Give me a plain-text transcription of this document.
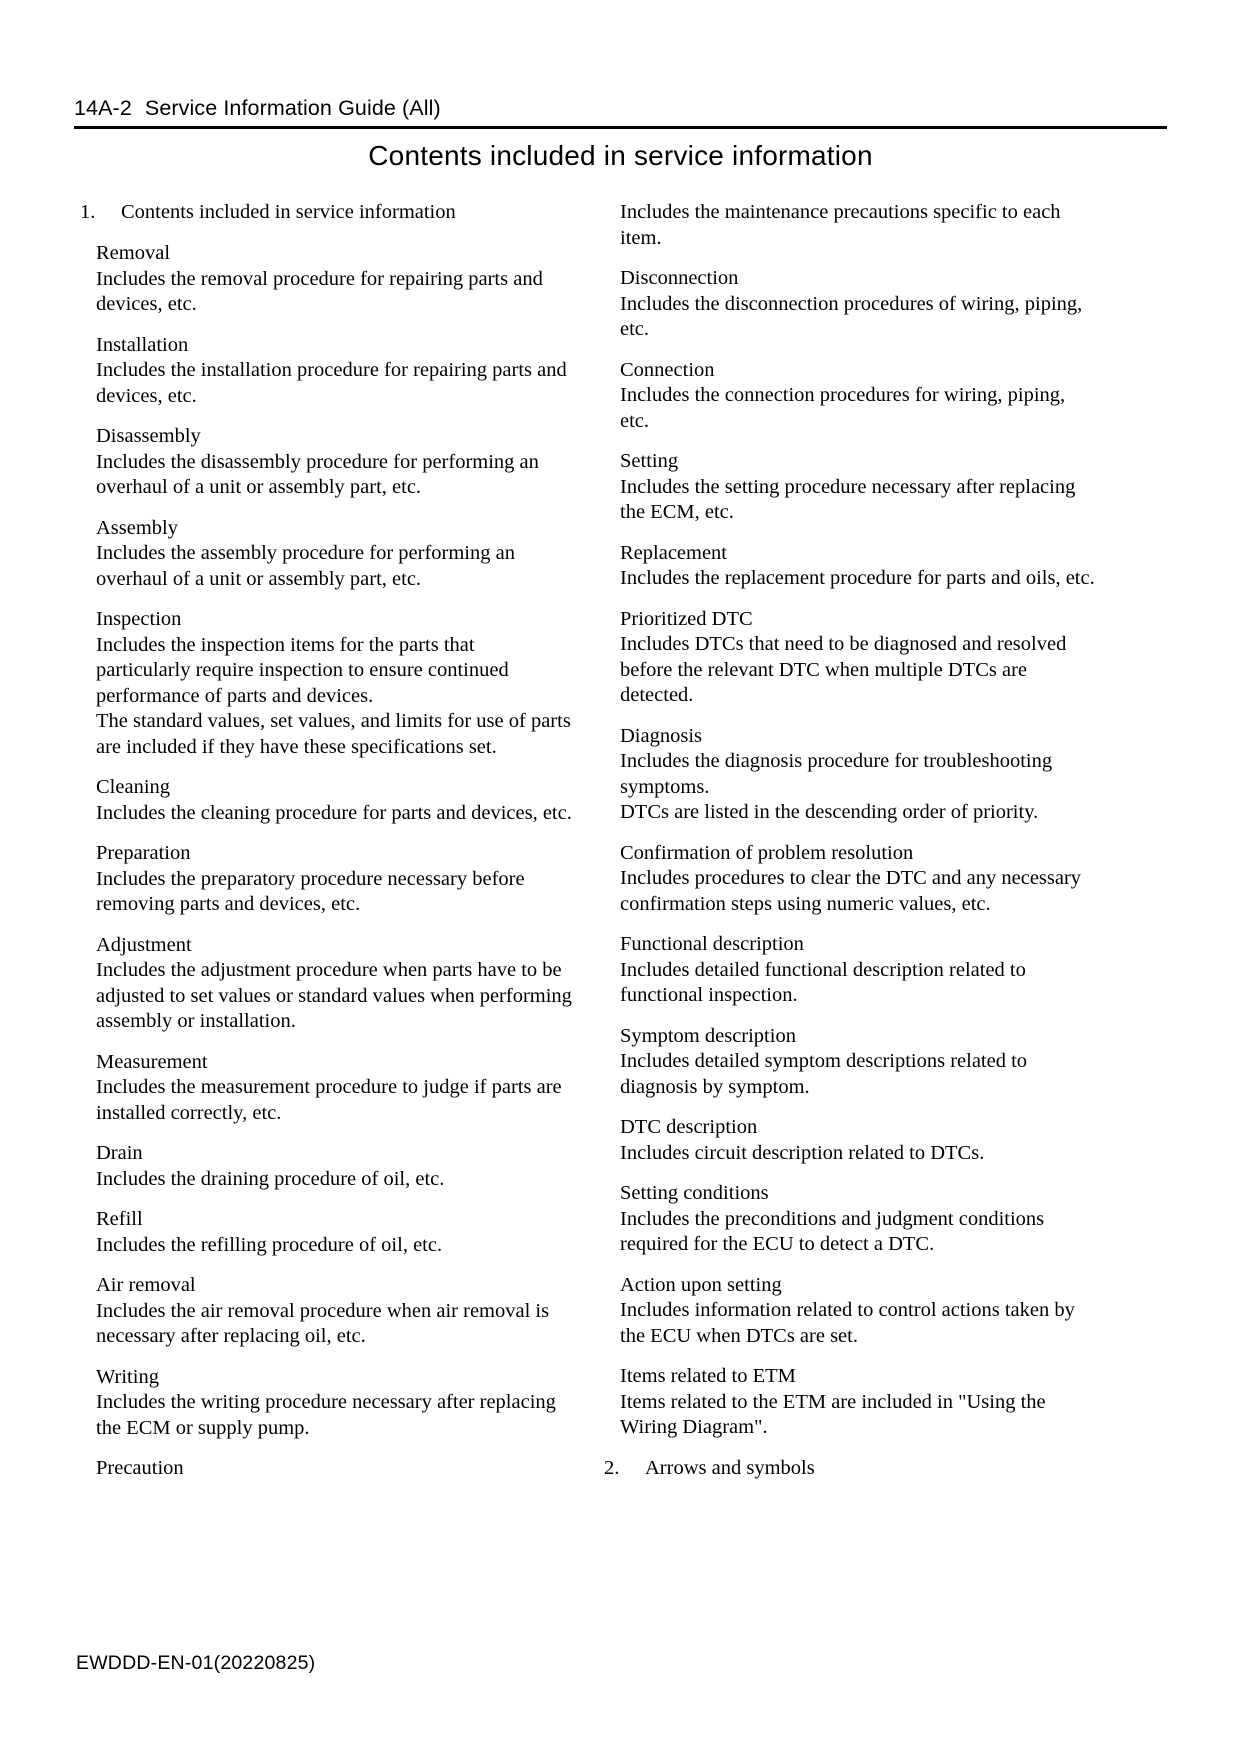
14A-2 Service Information Guide (All)
Contents included in service information
1. Contents included in service information
Removal
Includes the removal procedure for repairing parts and
devices, etc.
Installation
Includes the installation procedure for repairing parts and
devices, etc.
Disassembly
Includes the disassembly procedure for performing an
overhaul of a unit or assembly part, etc.
Assembly
Includes the assembly procedure for performing an
overhaul of a unit or assembly part, etc.
Inspection
Includes the inspection items for the parts that
particularly require inspection to ensure continued
performance of parts and devices.
The standard values, set values, and limits for use of parts
are included if they have these specifications set.
Cleaning
Includes the cleaning procedure for parts and devices, etc.
Preparation
Includes the preparatory procedure necessary before
removing parts and devices, etc.
Adjustment
Includes the adjustment procedure when parts have to be
adjusted to set values or standard values when performing
assembly or installation.
Measurement
Includes the measurement procedure to judge if parts are
installed correctly, etc.
Drain
Includes the draining procedure of oil, etc.
Refill
Includes the refilling procedure of oil, etc.
Air removal
Includes the air removal procedure when air removal is
necessary after replacing oil, etc.
Writing
Includes the writing procedure necessary after replacing
the ECM or supply pump.
Precaution
Includes the maintenance precautions specific to each
item.
Disconnection
Includes the disconnection procedures of wiring, piping,
etc.
Connection
Includes the connection procedures for wiring, piping,
etc.
Setting
Includes the setting procedure necessary after replacing
the ECM, etc.
Replacement
Includes the replacement procedure for parts and oils, etc.
Prioritized DTC
Includes DTCs that need to be diagnosed and resolved
before the relevant DTC when multiple DTCs are
detected.
Diagnosis
Includes the diagnosis procedure for troubleshooting
symptoms.
DTCs are listed in the descending order of priority.
Confirmation of problem resolution
Includes procedures to clear the DTC and any necessary
confirmation steps using numeric values, etc.
Functional description
Includes detailed functional description related to
functional inspection.
Symptom description
Includes detailed symptom descriptions related to
diagnosis by symptom.
DTC description
Includes circuit description related to DTCs.
Setting conditions
Includes the preconditions and judgment conditions
required for the ECU to detect a DTC.
Action upon setting
Includes information related to control actions taken by
the ECU when DTCs are set.
Items related to ETM
Items related to the ETM are included in "Using the
Wiring Diagram".
2. Arrows and symbols
EWDDD-EN-01(20220825)
